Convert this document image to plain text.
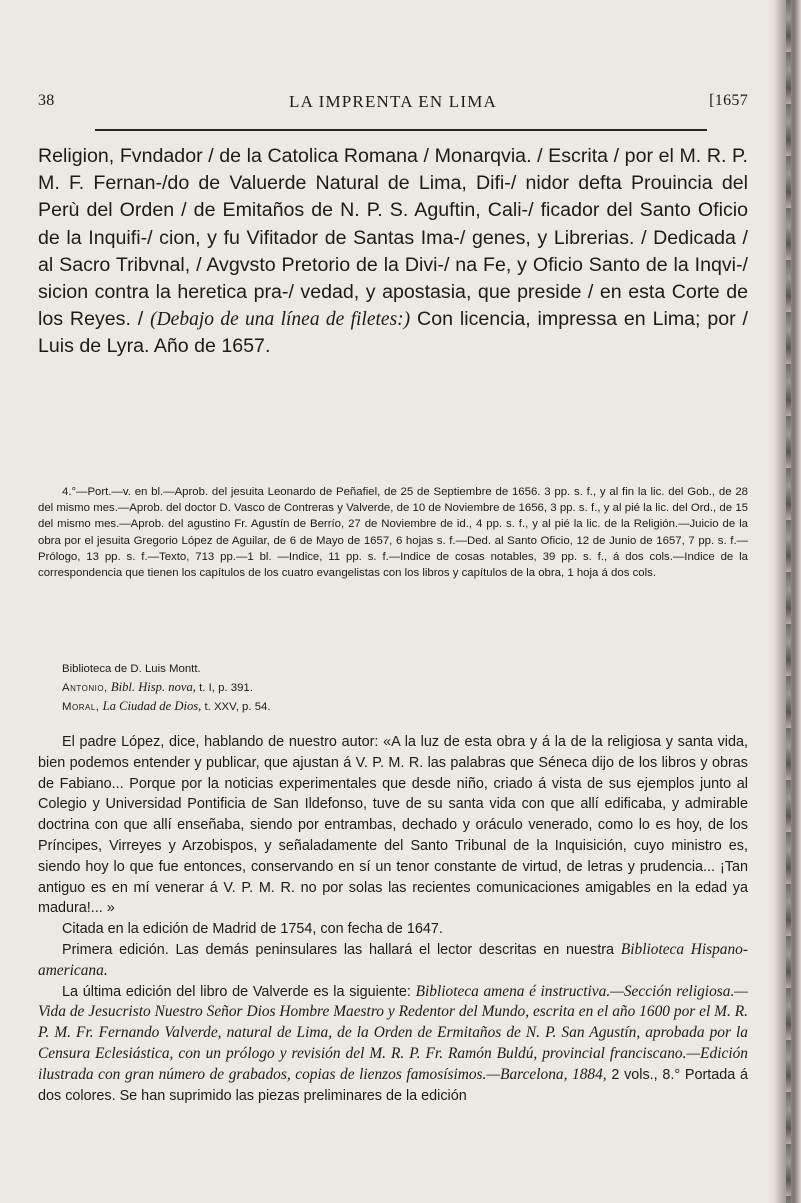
38	LA IMPRENTA EN LIMA	[1657
Religion, Fvndador / de la Catolica Romana / Monarqvia. / Escrita / por el M. R. P. M. F. Fernan-/do de Valuerde Natural de Lima, Difi-/ nidor defta Prouincia del Perù del Orden / de Emitaños de N. P. S. Aguftin, Cali-/ ficador del Santo Oficio de la Inquifi-/ cion, y fu Vifitador de Santas Ima-/ genes, y Librerias. / Dedicada / al Sacro Tribvnal, / Avgvsto Pretorio de la Divi-/ na Fe, y Oficio Santo de la Inqvi-/ sicion contra la heretica pra-/ vedad, y apostasia, que preside / en esta Corte de los Reyes. / (Debajo de una línea de filetes:) Con licencia, impressa en Lima; por / Luis de Lyra. Año de 1657.

4.°—Port.—v. en bl.—Aprob. del jesuita Leonardo de Peñafiel, de 25 de Septiembre de 1656. 3 pp. s. f., y al fin la lic. del Gob., de 28 del mismo mes.—Aprob. del doctor D. Vasco de Contreras y Valverde, de 10 de Noviembre de 1656, 3 pp. s. f., y al pié la lic. del Ord., de 15 del mismo mes.—Aprob. del agustino Fr. Agustín de Berrío, 27 de Noviembre de id., 4 pp. s. f., y al pié la lic. de la Religión.—Juicio de la obra por el jesuita Gregorio López de Aguilar, de 6 de Mayo de 1657, 6 hojas s. f.—Ded. al Santo Oficio, 12 de Junio de 1657, 7 pp. s. f.—Prólogo, 13 pp. s. f.—Texto, 713 pp.—1 bl. —Indice, 11 pp. s. f.—Indice de cosas notables, 39 pp. s. f., á dos cols.—Indice de la correspondencia que tienen los capítulos de los cuatro evangelistas con los libros y capítulos de la obra, 1 hoja á dos cols.

Biblioteca de D. Luis Montt.
Antonio, Bibl. Hisp. nova, t. I, p. 391.
Moral, La Ciudad de Dios, t. XXV, p. 54.

El padre López, dice, hablando de nuestro autor: «A la luz de esta obra y á la de la religiosa y santa vida, bien podemos entender y publicar, que ajustan á V. P. M. R. las palabras que Séneca dijo de los libros y obras de Fabiano... Porque por la noticias experimentales que desde niño, criado á vista de sus ejemplos junto al Colegio y Universidad Pontificia de San Ildefonso, tuve de su santa vida con que allí edificaba, y admirable doctrina con que allí enseñaba, siendo por entrambas, dechado y oráculo venerado, como lo es hoy, de los Príncipes, Virreyes y Arzobispos, y señaladamente del Santo Tribunal de la Inquisición, cuyo ministro es, siendo hoy lo que fue entonces, conservando en sí un tenor constante de virtud, de letras y prudencia... ¡Tan antiguo es en mí venerar á V. P. M. R. no por solas las recientes comunicaciones amigables en la edad ya madura!... »

Citada en la edición de Madrid de 1754, con fecha de 1647.

Primera edición. Las demás peninsulares las hallará el lector descritas en nuestra Biblioteca Hispano-americana.

La última edición del libro de Valverde es la siguiente: Biblioteca amena é instructiva.—Sección religiosa.—Vida de Jesucristo Nuestro Señor Dios Hombre Maestro y Redentor del Mundo, escrita en el año 1600 por el M. R. P. M. Fr. Fernando Valverde, natural de Lima, de la Orden de Ermitaños de N. P. San Agustín, aprobada por la Censura Eclesiástica, con un prólogo y revisión del M. R. P. Fr. Ramón Buldú, provincial franciscano.—Edición ilustrada con gran número de grabados, copias de lienzos famosísimos.—Barcelona, 1884, 2 vols., 8.° Portada á dos colores. Se han suprimido las piezas preliminares de la edición
